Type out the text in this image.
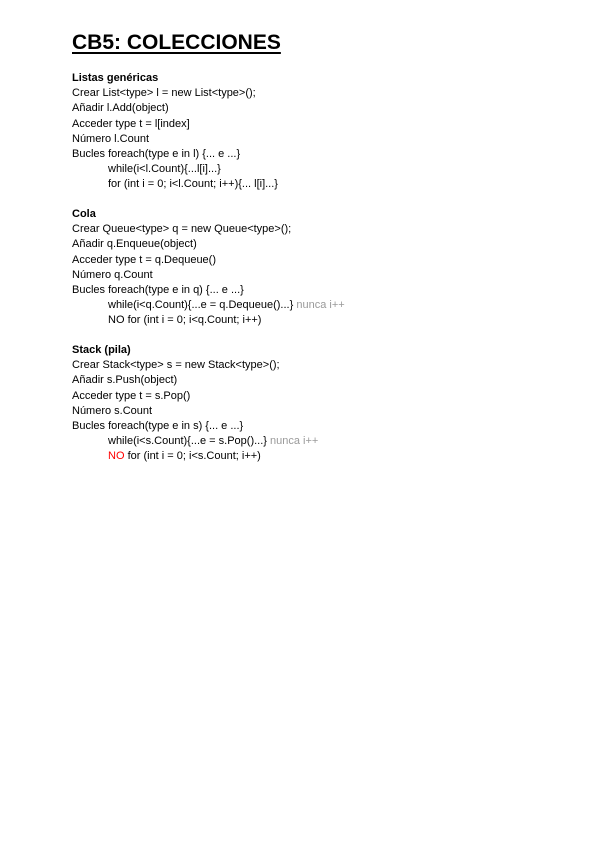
CB5: COLECCIONES
Listas genéricas
Crear List<type> l = new List<type>();
Añadir l.Add(object)
Acceder type t = l[index]
Número l.Count
Bucles foreach(type e in l) {... e ...}
while(i<l.Count){...l[i]...}
for (int i = 0; i<l.Count; i++){... l[i]...}
Cola
Crear Queue<type> q = new Queue<type>();
Añadir q.Enqueue(object)
Acceder type t = q.Dequeue()
Número q.Count
Bucles foreach(type e in q) {... e ...}
while(i<q.Count){...e = q.Dequeue()...} nunca i++
NO for (int i = 0; i<q.Count; i++)
Stack (pila)
Crear Stack<type> s = new Stack<type>();
Añadir s.Push(object)
Acceder type t = s.Pop()
Número s.Count
Bucles foreach(type e in s) {... e ...}
while(i<s.Count){...e = s.Pop()...} nunca i++
NO for (int i = 0; i<s.Count; i++)
